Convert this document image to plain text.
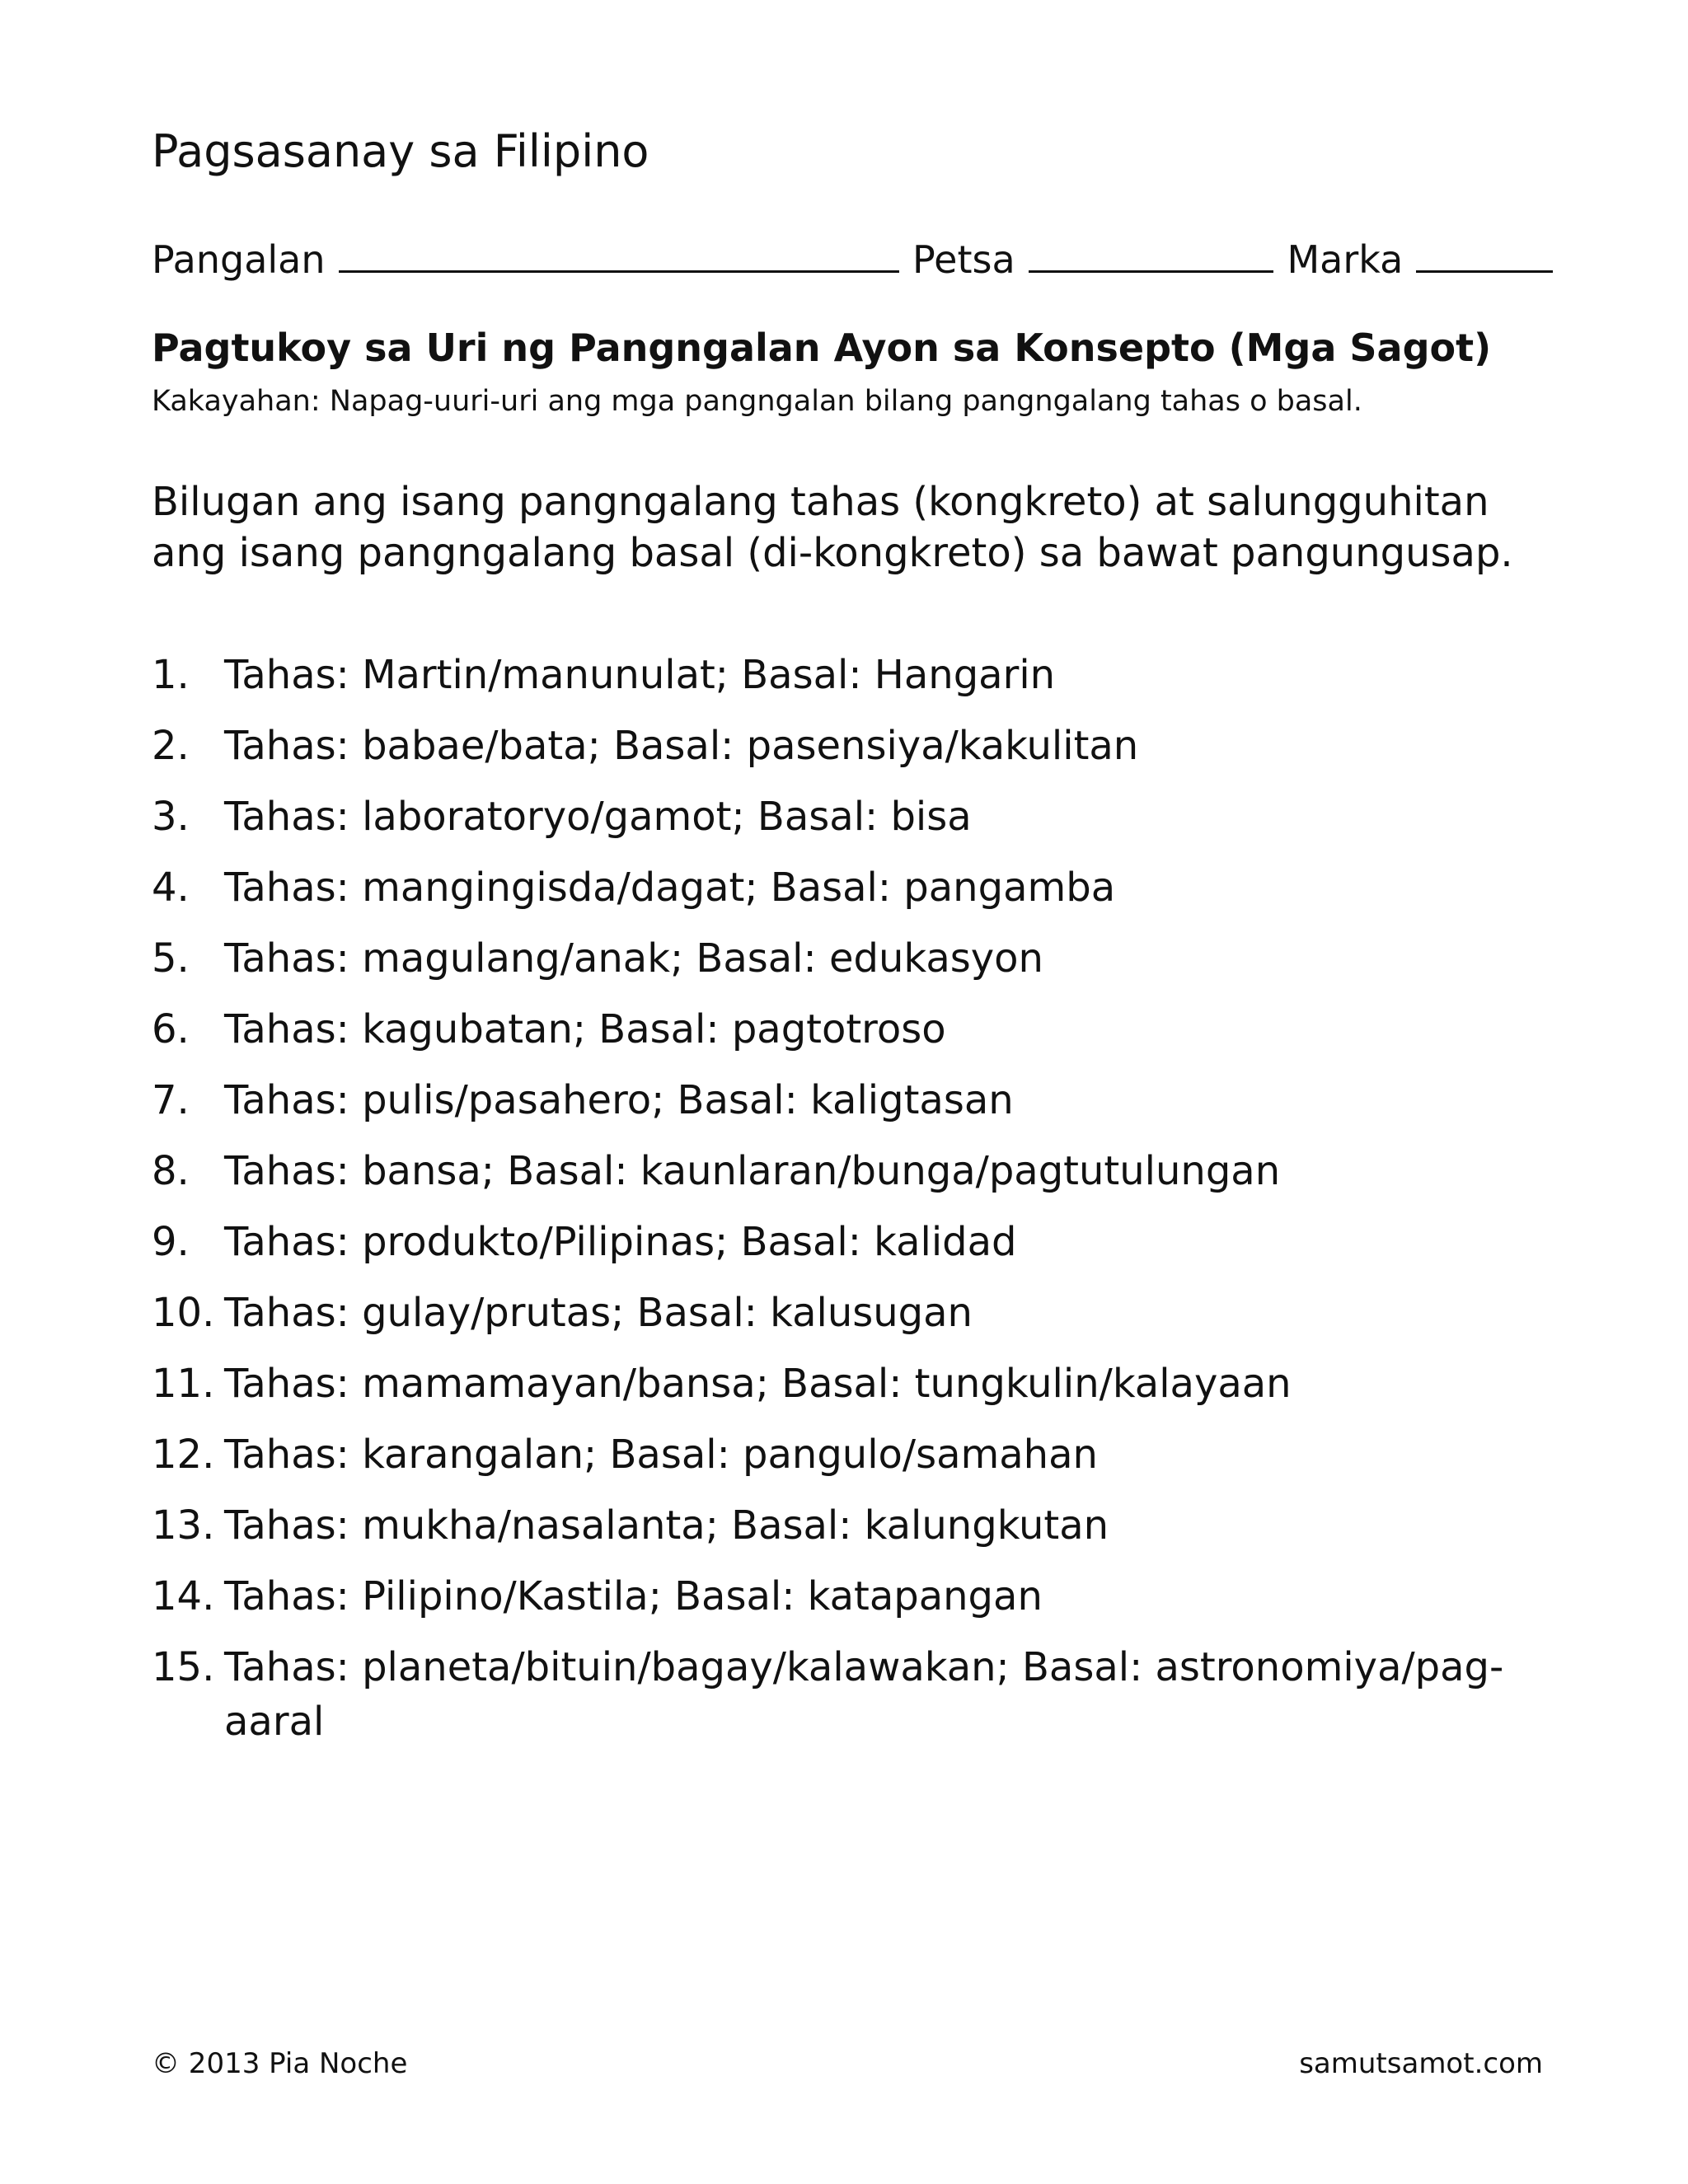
Pagsasanay sa Filipino
Pangalan	Petsa	Marka
Pagtukoy sa Uri ng Pangngalan Ayon sa Konsepto (Mga Sagot)
Kakayahan: Napag-uuri-uri ang mga pangngalan bilang pangngalang tahas o basal.

Bilugan ang isang pangngalang tahas (kongkreto) at salungguhitan ang isang pangngalang basal (di-kongkreto) sa bawat pangungusap.

1. Tahas: Martin/manunulat; Basal: Hangarin
2. Tahas: babae/bata; Basal: pasensiya/kakulitan
3. Tahas: laboratoryo/gamot; Basal: bisa
4. Tahas: mangingisda/dagat; Basal: pangamba
5. Tahas: magulang/anak; Basal: edukasyon
6. Tahas: kagubatan; Basal: pagtotroso
7. Tahas: pulis/pasahero; Basal: kaligtasan
8. Tahas: bansa; Basal: kaunlaran/bunga/pagtutulungan
9. Tahas: produkto/Pilipinas; Basal: kalidad
10. Tahas: gulay/prutas; Basal: kalusugan
11. Tahas: mamamayan/bansa; Basal: tungkulin/kalayaan
12. Tahas: karangalan; Basal: pangulo/samahan
13. Tahas: mukha/nasalanta; Basal: kalungkutan
14. Tahas: Pilipino/Kastila; Basal: katapangan
15. Tahas: planeta/bituin/bagay/kalawakan; Basal: astronomiya/pag-aaral
© 2013 Pia Noche	samutsamot.com
